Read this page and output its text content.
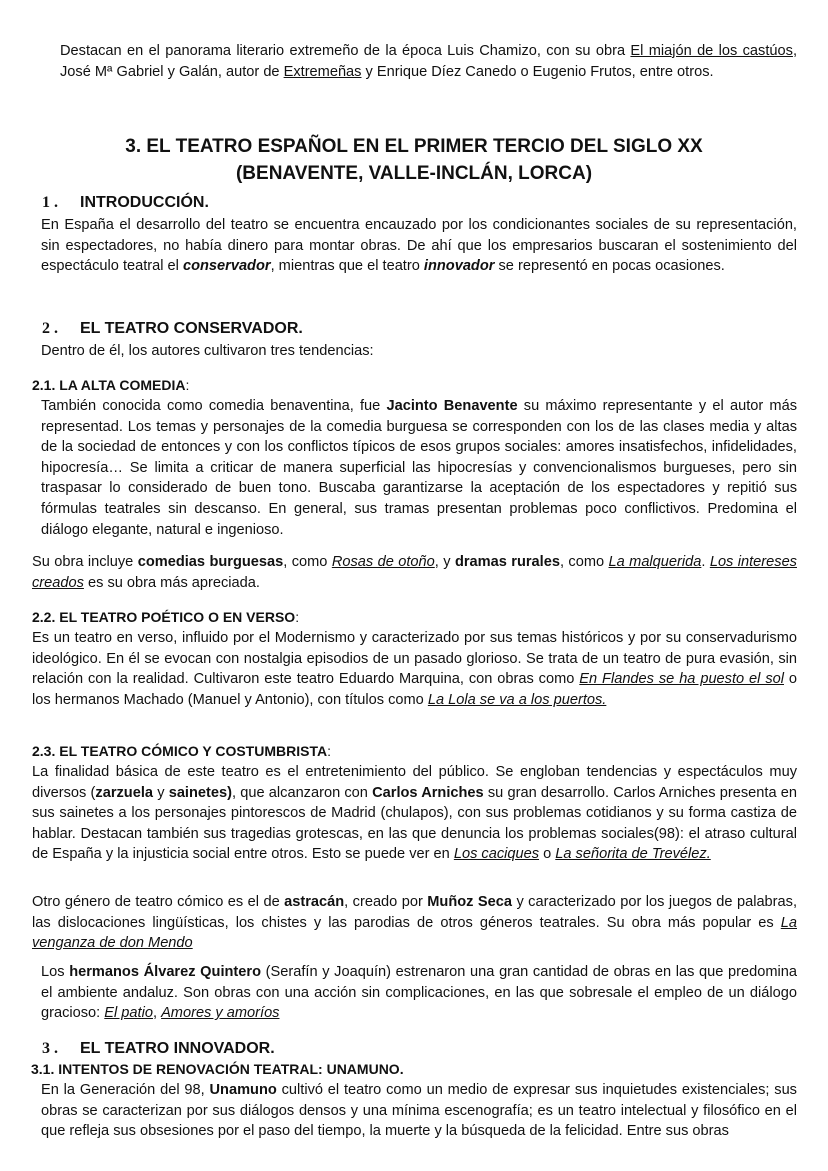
Destacan en el panorama literario extremeño de la época Luis Chamizo, con su obra El miajón de los castúos, José Mª Gabriel y Galán, autor de Extremeñas y Enrique Díez Canedo o Eugenio Frutos, entre otros.

3. EL TEATRO ESPAÑOL EN EL PRIMER TERCIO DEL SIGLO XX

(BENAVENTE, VALLE-INCLÁN, LORCA)

1 . INTRODUCCIÓN.

En España el desarrollo del teatro se encuentra encauzado por los condicionantes sociales de su representación, sin espectadores, no había dinero para montar obras. De ahí que los empresarios buscaran el sostenimiento del espectáculo teatral el conservador, mientras que el teatro innovador se representó en pocas ocasiones.

2 . EL TEATRO CONSERVADOR.

Dentro de él, los autores cultivaron tres tendencias:

2.1. LA ALTA COMEDIA:

También conocida como comedia benaventina, fue Jacinto Benavente su máximo representante y el autor más representad. Los temas y personajes de la comedia burguesa se corresponden con los de las clases media y altas de la sociedad de entonces y con los conflictos típicos de esos grupos sociales: amores insatisfechos, infidelidades, hipocresía… Se limita a criticar de manera superficial las hipocresías y convencionalismos burgueses, pero sin traspasar lo considerado de buen tono. Buscaba garantizarse la aceptación de los espectadores y repitió sus fórmulas teatrales sin descanso. En general, sus tramas presentan problemas poco conflictivos. Predomina el diálogo elegante, natural e ingenioso.

Su obra incluye comedias burguesas, como Rosas de otoño, y dramas rurales, como La malquerida. Los intereses creados es su obra más apreciada.

2.2. EL TEATRO POÉTICO O EN VERSO:

Es un teatro en verso, influido por el Modernismo y caracterizado por sus temas históricos y por su conservadurismo ideológico. En él se evocan con nostalgia episodios de un pasado glorioso. Se trata de un teatro de pura evasión, sin relación con la realidad. Cultivaron este teatro Eduardo Marquina, con obras como En Flandes se ha puesto el sol o los hermanos Machado (Manuel y Antonio), con títulos como La Lola se va a los puertos.

2.3. EL TEATRO CÓMICO Y COSTUMBRISTA:

La finalidad básica de este teatro es el entretenimiento del público. Se engloban tendencias y espectáculos muy diversos (zarzuela y sainetes), que alcanzaron con Carlos Arniches su gran desarrollo. Carlos Arniches presenta en sus sainetes a los personajes pintorescos de Madrid (chulapos), con sus problemas cotidianos y su forma castiza de hablar. Destacan también sus tragedias grotescas, en las que denuncia los problemas sociales(98): el atraso cultural de España y la injusticia social entre otros. Esto se puede ver en Los caciques o La señorita de Trevélez.

Otro género de teatro cómico es el de astracán, creado por Muñoz Seca y caracterizado por los juegos de palabras, las dislocaciones lingüísticas, los chistes y las parodias de otros géneros teatrales. Su obra más popular es La venganza de don Mendo

Los hermanos Álvarez Quintero (Serafín y Joaquín) estrenaron una gran cantidad de obras en las que predomina el ambiente andaluz. Son obras con una acción sin complicaciones, en las que sobresale el empleo de un diálogo gracioso: El patio, Amores y amoríos

3 . EL TEATRO INNOVADOR.

3.1. INTENTOS DE RENOVACIÓN TEATRAL: UNAMUNO.

En la Generación del 98, Unamuno cultivó el teatro como un medio de expresar sus inquietudes existenciales; sus obras se caracterizan por sus diálogos densos y una mínima escenografía; es un teatro intelectual y filosófico en el que refleja sus obsesiones por el paso del tiempo, la muerte y la búsqueda de la felicidad. Entre sus obras
